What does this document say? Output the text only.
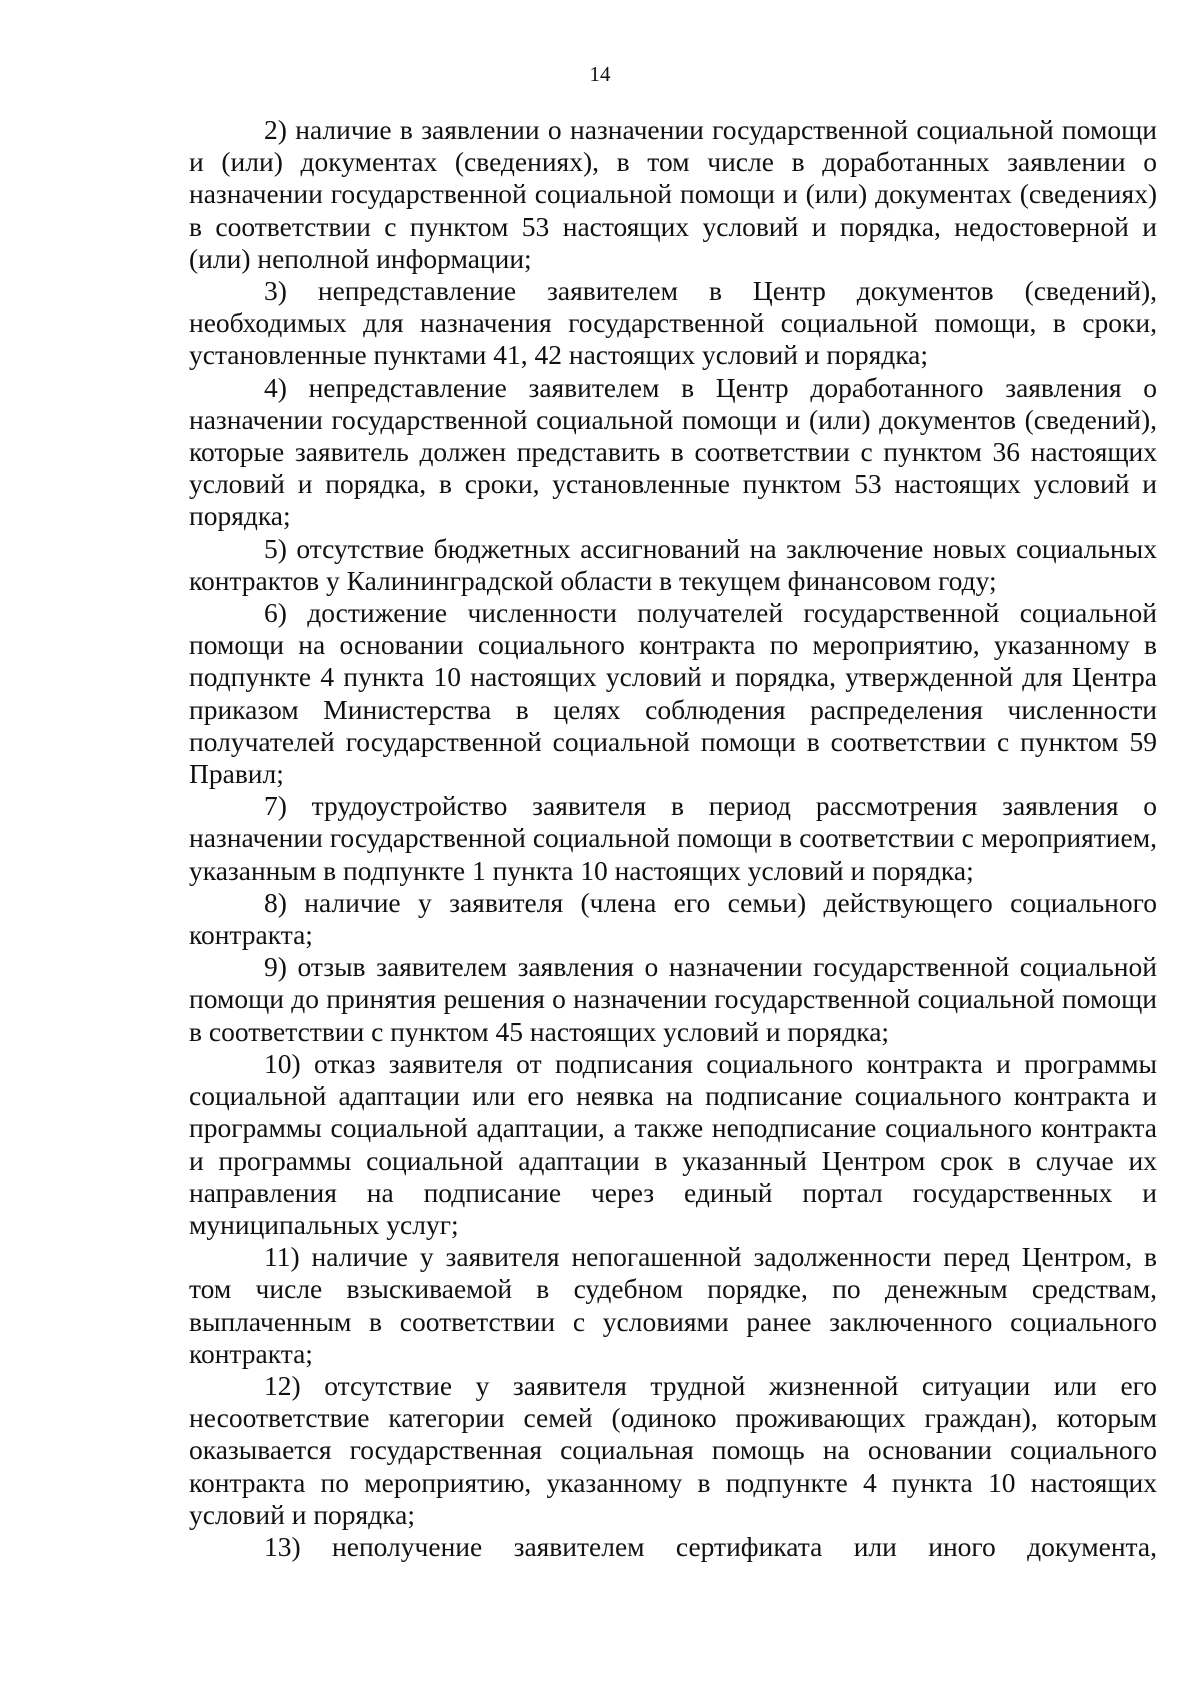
14

2) наличие в заявлении о назначении государственной социальной помощи и (или) документах (сведениях), в том числе в доработанных заявлении о назначении государственной социальной помощи и (или) документах (сведениях) в соответствии с пунктом 53 настоящих условий и порядка, недостоверной и (или) неполной информации;

3) непредставление заявителем в Центр документов (сведений), необходимых для назначения государственной социальной помощи, в сроки, установленные пунктами 41, 42 настоящих условий и порядка;

4) непредставление заявителем в Центр доработанного заявления о назначении государственной социальной помощи и (или) документов (сведений), которые заявитель должен представить в соответствии с пунктом 36 настоящих условий и порядка, в сроки, установленные пунктом 53 настоящих условий и порядка;

5) отсутствие бюджетных ассигнований на заключение новых социальных контрактов у Калининградской области в текущем финансовом году;

6) достижение численности получателей государственной социальной помощи на основании социального контракта по мероприятию, указанному в подпункте 4 пункта 10 настоящих условий и порядка, утвержденной для Центра приказом Министерства в целях соблюдения распределения численности получателей государственной социальной помощи в соответствии с пунктом 59 Правил;

7) трудоустройство заявителя в период рассмотрения заявления о назначении государственной социальной помощи в соответствии с мероприятием, указанным в подпункте 1 пункта 10 настоящих условий и порядка;

8) наличие у заявителя (члена его семьи) действующего социального контракта;

9) отзыв заявителем заявления о назначении государственной социальной помощи до принятия решения о назначении государственной социальной помощи в соответствии с пунктом 45 настоящих условий и порядка;

10) отказ заявителя от подписания социального контракта и программы социальной адаптации или его неявка на подписание социального контракта и программы социальной адаптации, а также неподписание социального контракта и программы социальной адаптации в указанный Центром срок в случае их направления на подписание через единый портал государственных и муниципальных услуг;

11) наличие у заявителя непогашенной задолженности перед Центром, в том числе взыскиваемой в судебном порядке, по денежным средствам, выплаченным в соответствии с условиями ранее заключенного социального контракта;

12) отсутствие у заявителя трудной жизненной ситуации или его несоответствие категории семей (одиноко проживающих граждан), которым оказывается государственная социальная помощь на основании социального контракта по мероприятию, указанному в подпункте 4 пункта 10 настоящих условий и порядка;

13) неполучение заявителем сертификата или иного документа,
